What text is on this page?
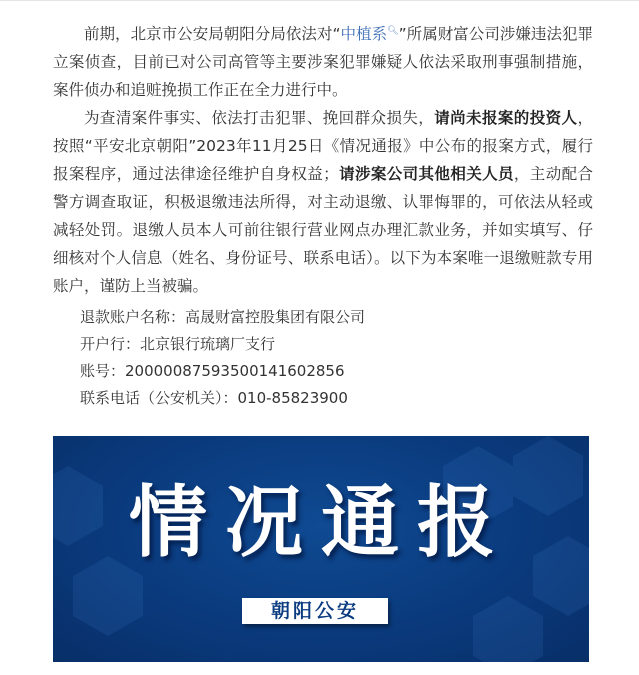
前期，北京市公安局朝阳分局依法对“中植系🔍︎”所属财富公司涉嫌违法犯罪立案侦查，目前已对公司高管等主要涉案犯罪嫌疑人依法采取刑事强制措施，案件侦办和追赃挽损工作正在全力进行中。

为查清案件事实、依法打击犯罪、挽回群众损失，请尚未报案的投资人，按照“平安北京朝阳”2023年11月25日《情况通报》中公布的报案方式，履行报案程序，通过法律途径维护自身权益；请涉案公司其他相关人员，主动配合警方调查取证，积极退缴违法所得，对主动退缴、认罪悔罪的，可依法从轻或减轻处罚。退缴人员本人可前往银行营业网点办理汇款业务，并如实填写、仔细核对个人信息（姓名、身份证号、联系电话）。以下为本案唯一退缴赃款专用账户，谨防上当被骗。

退款账户名称：高晟财富控股集团有限公司
开户行：北京银行琉璃厂支行
账号：20000087593500141602856
联系电话（公安机关）：010-85823900
情况通报
朝阳公安
